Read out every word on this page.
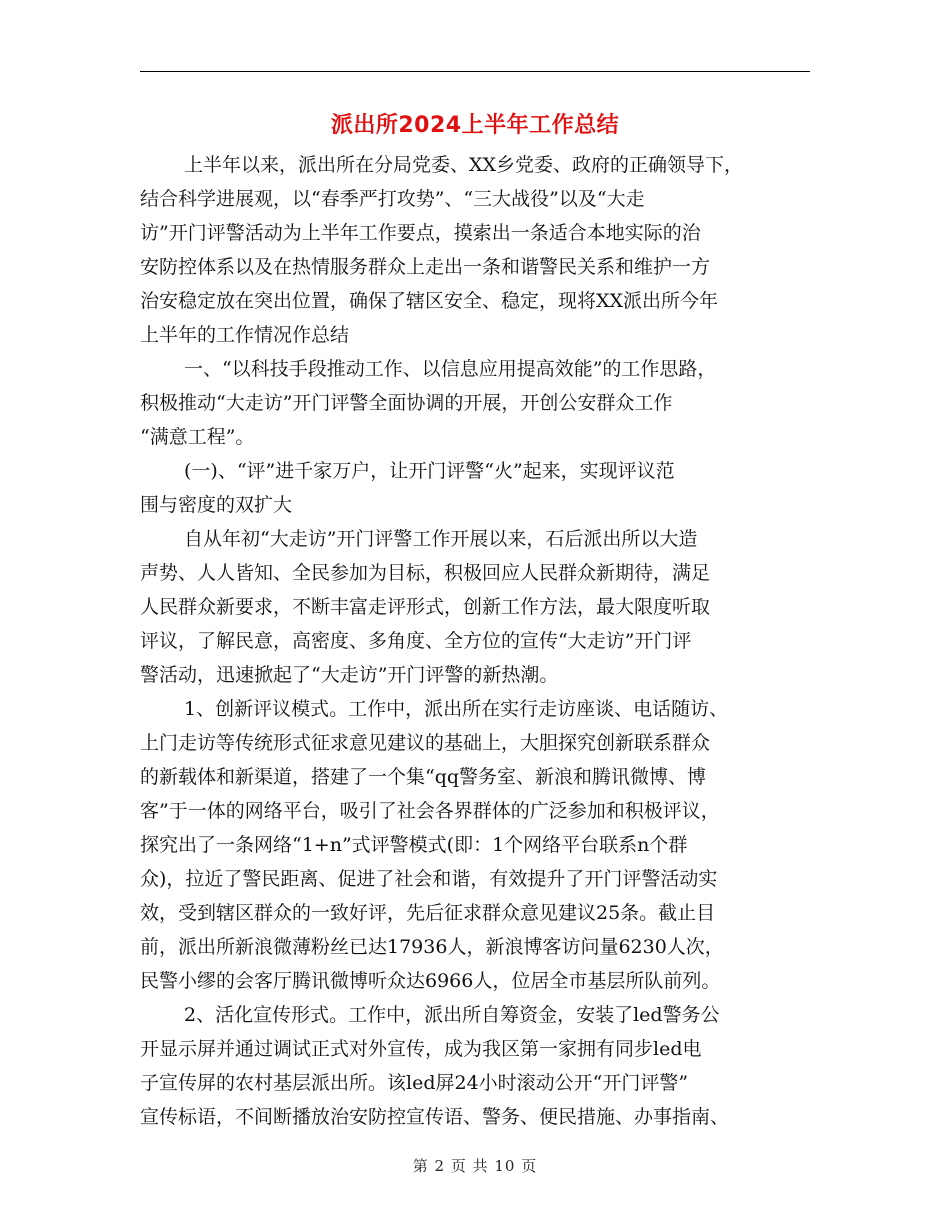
派出所2024上半年工作总结
上半年以来，派出所在分局党委、XX乡党委、政府的正确领导下，
结合科学进展观，以“春季严打攻势”、“三大战役”以及“大走
访”开门评警活动为上半年工作要点，摸索出一条适合本地实际的治
安防控体系以及在热情服务群众上走出一条和谐警民关系和维护一方
治安稳定放在突出位置，确保了辖区安全、稳定，现将XX派出所今年
上半年的工作情况作总结
一、“以科技手段推动工作、以信息应用提高效能”的工作思路，
积极推动“大走访”开门评警全面协调的开展，开创公安群众工作
“满意工程”。
(一)、“评”进千家万户，让开门评警“火”起来，实现评议范
围与密度的双扩大
自从年初“大走访”开门评警工作开展以来，石后派出所以大造
声势、人人皆知、全民参加为目标，积极回应人民群众新期待，满足
人民群众新要求，不断丰富走评形式，创新工作方法，最大限度听取
评议，了解民意，高密度、多角度、全方位的宣传“大走访”开门评
警活动，迅速掀起了“大走访”开门评警的新热潮。
1、创新评议模式。工作中，派出所在实行走访座谈、电话随访、
上门走访等传统形式征求意见建议的基础上，大胆探究创新联系群众
的新载体和新渠道，搭建了一个集“qq警务室、新浪和腾讯微博、博
客”于一体的网络平台，吸引了社会各界群体的广泛参加和积极评议，
探究出了一条网络“1+n”式评警模式(即：1个网络平台联系n个群
众)，拉近了警民距离、促进了社会和谐，有效提升了开门评警活动实
效，受到辖区群众的一致好评，先后征求群众意见建议25条。截止目
前，派出所新浪微薄粉丝已达17936人，新浪博客访问量6230人次，
民警小缪的会客厅腾讯微博听众达6966人，位居全市基层所队前列。
2、活化宣传形式。工作中，派出所自筹资金，安装了led警务公
开显示屏并通过调试正式对外宣传，成为我区第一家拥有同步led电
子宣传屏的农村基层派出所。该led屏24小时滚动公开“开门评警”
宣传标语，不间断播放治安防控宣传语、警务、便民措施、办事指南、
第 2 页 共 10 页
